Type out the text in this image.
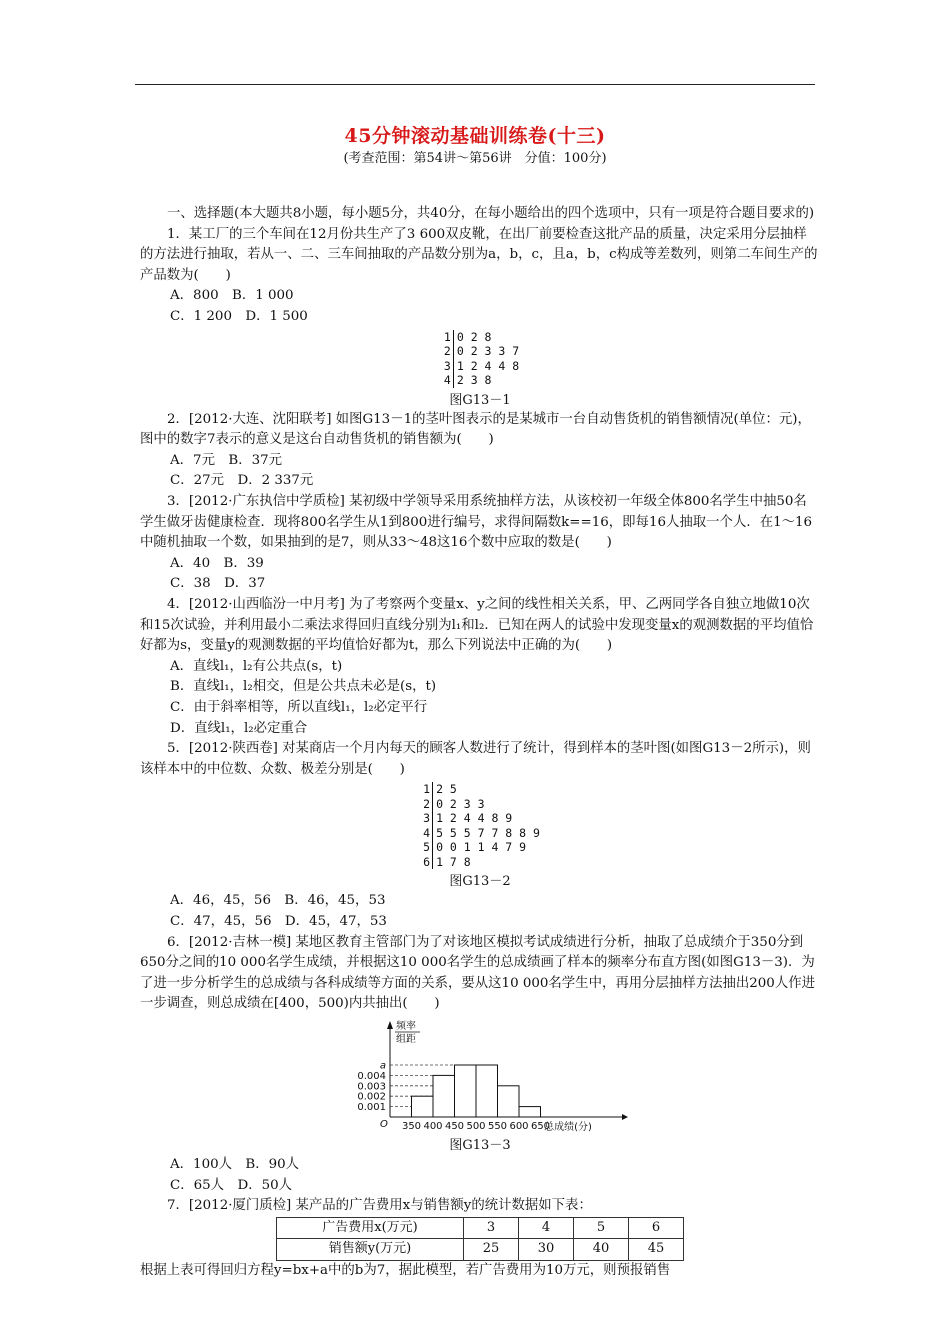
45分钟滚动基础训练卷(十三)
(考查范围：第54讲～第56讲　分值：100分)

一、选择题(本大题共8小题，每小题5分，共40分，在每小题给出的四个选项中，只有一项是符合题目要求的)

1．某工厂的三个车间在12月份共生产了3 600双皮靴，在出厂前要检查这批产品的质量，决定采用分层抽样的方法进行抽取，若从一、二、三车间抽取的产品数分别为a，b，c，且a，b，c构成等差数列，则第二车间生产的产品数为(　　)

A．800　B．1 000

C．1 200　D．1 500

1 0 2 8
2 0 2 3 3 7
3 1 2 4 4 8
4 2 3 8
图G13－1

2．[2012·大连、沈阳联考] 如图G13－1的茎叶图表示的是某城市一台自动售货机的销售额情况(单位：元)，图中的数字7表示的意义是这台自动售货机的销售额为(　　)

A．7元　B．37元

C．27元　D．2 337元

3．[2012·广东执信中学质检] 某初级中学领导采用系统抽样方法，从该校初一年级全体800名学生中抽50名学生做牙齿健康检查．现将800名学生从1到800进行编号，求得间隔数k==16，即每16人抽取一个人．在1～16中随机抽取一个数，如果抽到的是7，则从33～48这16个数中应取的数是(　　)

A．40　B．39

C．38　D．37

4．[2012·山西临汾一中月考] 为了考察两个变量x、y之间的线性相关关系，甲、乙两同学各自独立地做10次和15次试验，并利用最小二乘法求得回归直线分别为l₁和l₂．已知在两人的试验中发现变量x的观测数据的平均值恰好都为s，变量y的观测数据的平均值恰好都为t，那么下列说法中正确的为(　　)

A．直线l₁，l₂有公共点(s，t)

B．直线l₁，l₂相交，但是公共点未必是(s，t)

C．由于斜率相等，所以直线l₁，l₂必定平行

D．直线l₁，l₂必定重合

5．[2012·陕西卷] 对某商店一个月内每天的顾客人数进行了统计，得到样本的茎叶图(如图G13－2所示)，则该样本中的中位数、众数、极差分别是(　　)

1 2 5
2 0 2 3 3
3 1 2 4 4 8 9
4 5 5 5 7 7 8 8 9
5 0 0 1 1 4 7 9
6 1 7 8
图G13－2

A．46，45，56　B．46，45，53

C．47，45，56　D．45，47，53

6．[2012·吉林一模] 某地区教育主管部门为了对该地区模拟考试成绩进行分析，抽取了总成绩介于350分到650分之间的10 000名学生成绩，并根据这10 000名学生的总成绩画了样本的频率分布直方图(如图G13－3)．为了进一步分析学生的总成绩与各科成绩等方面的关系，要从这10 000名学生中，再用分层抽样方法抽出200人作进一步调查，则总成绩在[400，500)内共抽出(　　)

a
0.004
0.003
0.002
0.001
350 400 450 500 550 600 650
O
频率
组距
总成绩(分)
图G13－3

A．100人　B．90人

C．65人　D．50人

7．[2012·厦门质检] 某产品的广告费用x与销售额y的统计数据如下表：

广告费用x(万元)	3	4	5	6
销售额y(万元)	25	30	40	45

根据上表可得回归方程y=bx+a中的b为7，据此模型，若广告费用为10万元，则预报销售
